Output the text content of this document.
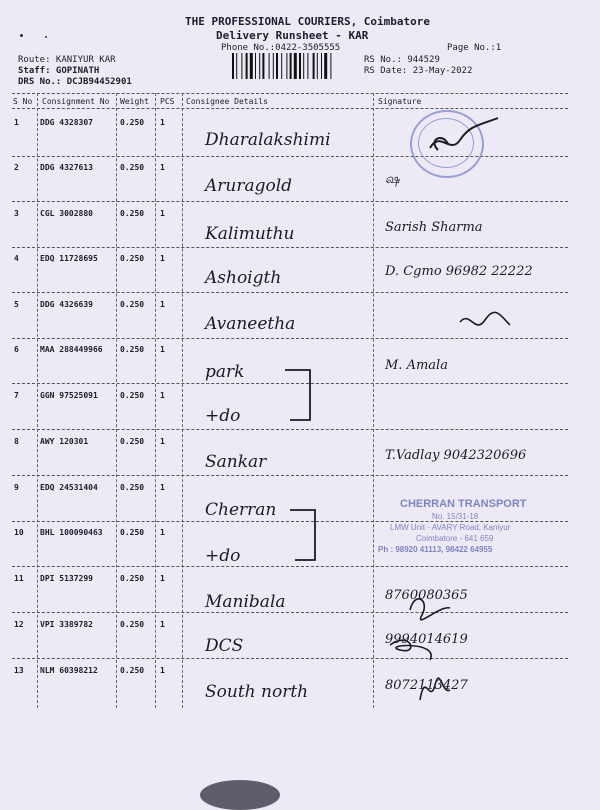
THE PROFESSIONAL COURIERS, Coimbatore
Delivery Runsheet - KAR
Phone No.:0422-3505555	Page No.:1
Route: KANIYUR KAR
Staff: GOPINATH
DRS No.: DCJB94452901
RS No.: 944529
RS Date: 23-May-2022
S No Consignment No Weight PCS Consignee Details	Signature
1	DDG 4328307	0.250 1
Dharalakshimi
2	DDG 4327613	0.250 1
Aruragold	ஷ
3	CGL 3002880	0.250 1
Kalimuthu	Sarish Sharma
4	EDQ 11728695	0.250 1
Ashoigth	D. Cgmo 96982 22222
5	DDG 4326639	0.250 1
Avaneetha
6	MAA 288449966 0.250 1
park	M. Amala
7	GGN 97525091	0.250 1
+do
8	AWY 120301	0.250 1
Sankar	T.Vadlay 9042320696
9	EDQ 24531404	0.250 1
Cherran
10 BHL 100090463 0.250 1
+do
11 DPI 5137299	0.250 1
Manibala	8760080365
12 VPI 3389782	0.250 1
DCS	9994014619
13 NLM 60398212	0.250 1
South north	8072113427
CHERRAN TRANSPORT
No. 15/31-18
LMW Unit - AVARY Road, Kaniyur
Coimbatore - 641 659
Ph : 98920 41113, 98422 64955
